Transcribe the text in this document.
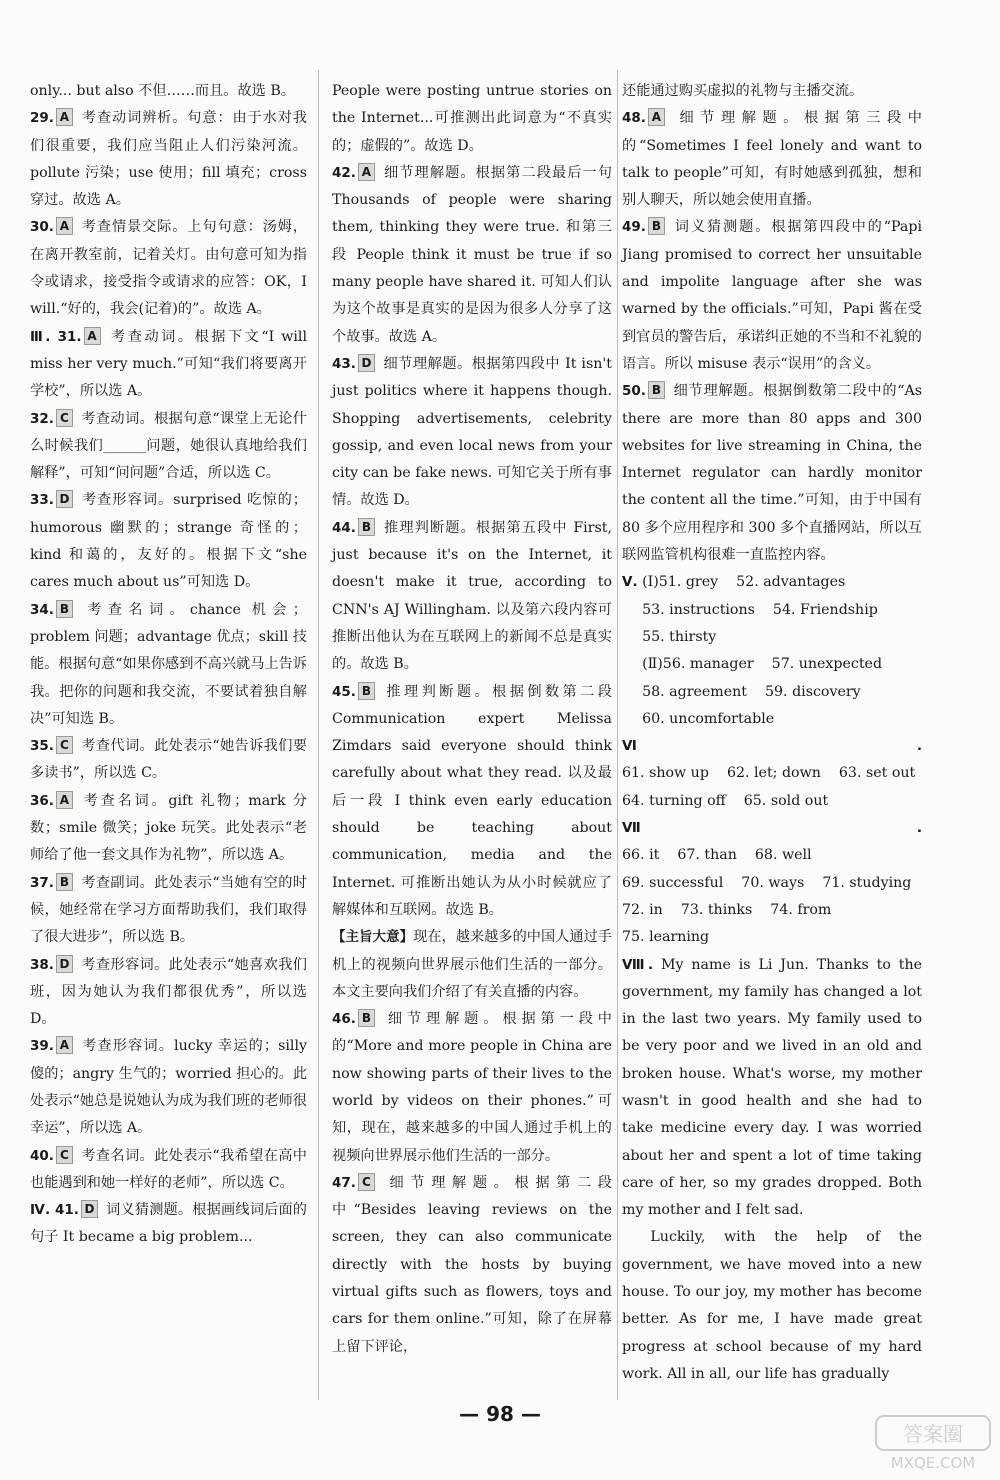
only... but also 不但……而且。故选 B。
29. A 考查动词辨析。句意：由于水对我们很重要，我们应当阻止人们污染河流。pollute 污染；use 使用；fill 填充；cross 穿过。故选 A。
30. A 考查情景交际。上句句意：汤姆，在离开教室前，记着关灯。由句意可知为指令或请求，接受指令或请求的应答：OK，I will.“好的，我会(记着)的”。故选 A。
Ⅲ. 31. A 考查动词。根据下文“I will miss her very much.”可知“我们将要离开学校”，所以选 A。
32. C 考查动词。根据句意“课堂上无论什么时候我们______问题，她很认真地给我们解释”，可知“问问题”合适，所以选 C。
33. D 考查形容词。surprised 吃惊的；humorous 幽默的；strange 奇怪的；kind 和蔼的，友好的。根据下文“she cares much about us”可知选 D。
34. B 考查名词。chance 机会；problem 问题；advantage 优点；skill 技能。根据句意“如果你感到不高兴就马上告诉我。把你的问题和我交流，不要试着独自解决”可知选 B。
35. C 考查代词。此处表示“她告诉我们要多读书”，所以选 C。
36. A 考查名词。gift 礼物；mark 分数；smile 微笑；joke 玩笑。此处表示“老师给了他一套文具作为礼物”，所以选 A。
37. B 考查副词。此处表示“当她有空的时候，她经常在学习方面帮助我们，我们取得了很大进步”，所以选 B。
38. D 考查形容词。此处表示“她喜欢我们班，因为她认为我们都很优秀”，所以选 D。
39. A 考查形容词。lucky 幸运的；silly 傻的；angry 生气的；worried 担心的。此处表示“她总是说她认为成为我们班的老师很幸运”，所以选 A。
40. C 考查名词。此处表示“我希望在高中也能遇到和她一样好的老师”，所以选 C。
Ⅳ. 41. D 词义猜测题。根据画线词后面的句子 It became a big problem...
People were posting untrue stories on the Internet...可推测出此词意为“不真实的；虚假的”。故选 D。
42. A 细节理解题。根据第二段最后一句 Thousands of people were sharing them, thinking they were true. 和第三段 People think it must be true if so many people have shared it. 可知人们认为这个故事是真实的是因为很多人分享了这个故事。故选 A。
43. D 细节理解题。根据第四段中 It isn't just politics where it happens though. Shopping advertisements, celebrity gossip, and even local news from your city can be fake news. 可知它关于所有事情。故选 D。
44. B 推理判断题。根据第五段中 First, just because it's on the Internet, it doesn't make it true, according to CNN's AJ Willingham. 以及第六段内容可推断出他认为在互联网上的新闻不总是真实的。故选 B。
45. B 推理判断题。根据倒数第二段 Communication expert Melissa Zimdars said everyone should think carefully about what they read. 以及最后一段 I think even early education should be teaching about communication, media and the Internet. 可推断出她认为从小时候就应了解媒体和互联网。故选 B。
【主旨大意】现在，越来越多的中国人通过手机上的视频向世界展示他们生活的一部分。本文主要向我们介绍了有关直播的内容。
46. B 细节理解题。根据第一段中的“More and more people in China are now showing parts of their lives to the world by videos on their phones.”可知，现在，越来越多的中国人通过手机上的视频向世界展示他们生活的一部分。
47. C 细节理解题。根据第二段中“Besides leaving reviews on the screen, they can also communicate directly with the hosts by buying virtual gifts such as flowers, toys and cars for them online.”可知，除了在屏幕上留下评论，
还能通过购买虚拟的礼物与主播交流。
48. A 细节理解题。根据第三段中的“Sometimes I feel lonely and want to talk to people”可知，有时她感到孤独，想和别人聊天，所以她会使用直播。
49. B 词义猜测题。根据第四段中的“Papi Jiang promised to correct her unsuitable and impolite language after she was warned by the officials.”可知，Papi 酱在受到官员的警告后，承诺纠正她的不当和不礼貌的语言。所以 misuse 表示“误用”的含义。
50. B 细节理解题。根据倒数第二段中的“As there are more than 80 apps and 300 websites for live streaming in China, the Internet regulator can hardly monitor the content all the time.”可知，由于中国有 80 多个应用程序和 300 多个直播网站，所以互联网监管机构很难一直监控内容。
Ⅴ. (Ⅰ)51. grey    52. advantages
53. instructions    54. Friendship
55. thirsty
(Ⅱ)56. manager    57. unexpected
58. agreement    59. discovery
60. uncomfortable
Ⅵ.
61. show up    62. let; down    63. set out
64. turning off    65. sold out
Ⅶ.
66. it    67. than    68. well
69. successful    70. ways    71. studying
72. in    73. thinks    74. from
75. learning

Ⅷ. My name is Li Jun. Thanks to the government, my family has changed a lot in the last two years. My family used to be very poor and we lived in an old and broken house. What's worse, my mother wasn't in good health and she had to take medicine every day. I was worried about her and spent a lot of time taking care of her, so my grades dropped. Both my mother and I felt sad.

Luckily, with the help of the government, we have moved into a new house. To our joy, my mother has become better. As for me, I have made great progress at school because of my hard work. All in all, our life has gradually

— 98 —
答案圈
MXQE.COM
